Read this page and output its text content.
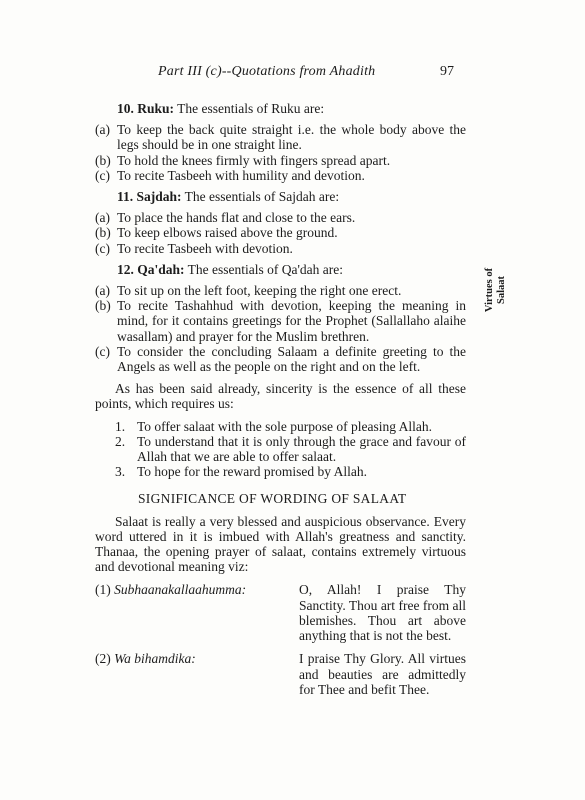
Part III (c)--Quotations from Ahadith	97
Virtues of Salaat
10. Ruku: The essentials of Ruku are:
(a) To keep the back quite straight i.e. the whole body above the legs should be in one straight line.
(b) To hold the knees firmly with fingers spread apart.
(c) To recite Tasbeeh with humility and devotion.
11. Sajdah: The essentials of Sajdah are:
(a) To place the hands flat and close to the ears.
(b) To keep elbows raised above the ground.
(c) To recite Tasbeeh with devotion.
12. Qa'dah: The essentials of Qa'dah are:
(a) To sit up on the left foot, keeping the right one erect.
(b) To recite Tashahhud with devotion, keeping the meaning in mind, for it contains greetings for the Prophet (Sallallaho alaihe wasallam) and prayer for the Muslim brethren.
(c) To consider the concluding Salaam a definite greeting to the Angels as well as the people on the right and on the left.
As has been said already, sincerity is the essence of all these points, which requires us:
1. To offer salaat with the sole purpose of pleasing Allah.
2. To understand that it is only through the grace and favour of Allah that we are able to offer salaat.
3. To hope for the reward promised by Allah.
SIGNIFICANCE OF WORDING OF SALAAT
Salaat is really a very blessed and auspicious observance. Every word uttered in it is imbued with Allah's greatness and sanctity. Thanaa, the opening prayer of salaat, contains extremely virtuous and devotional meaning viz:
(1) Subhaanakallaahumma:	O, Allah! I praise Thy Sanctity. Thou art free from all blemishes. Thou art above anything that is not the best.
(2) Wa bihamdika:	I praise Thy Glory. All virtues and beauties are admittedly for Thee and befit Thee.
